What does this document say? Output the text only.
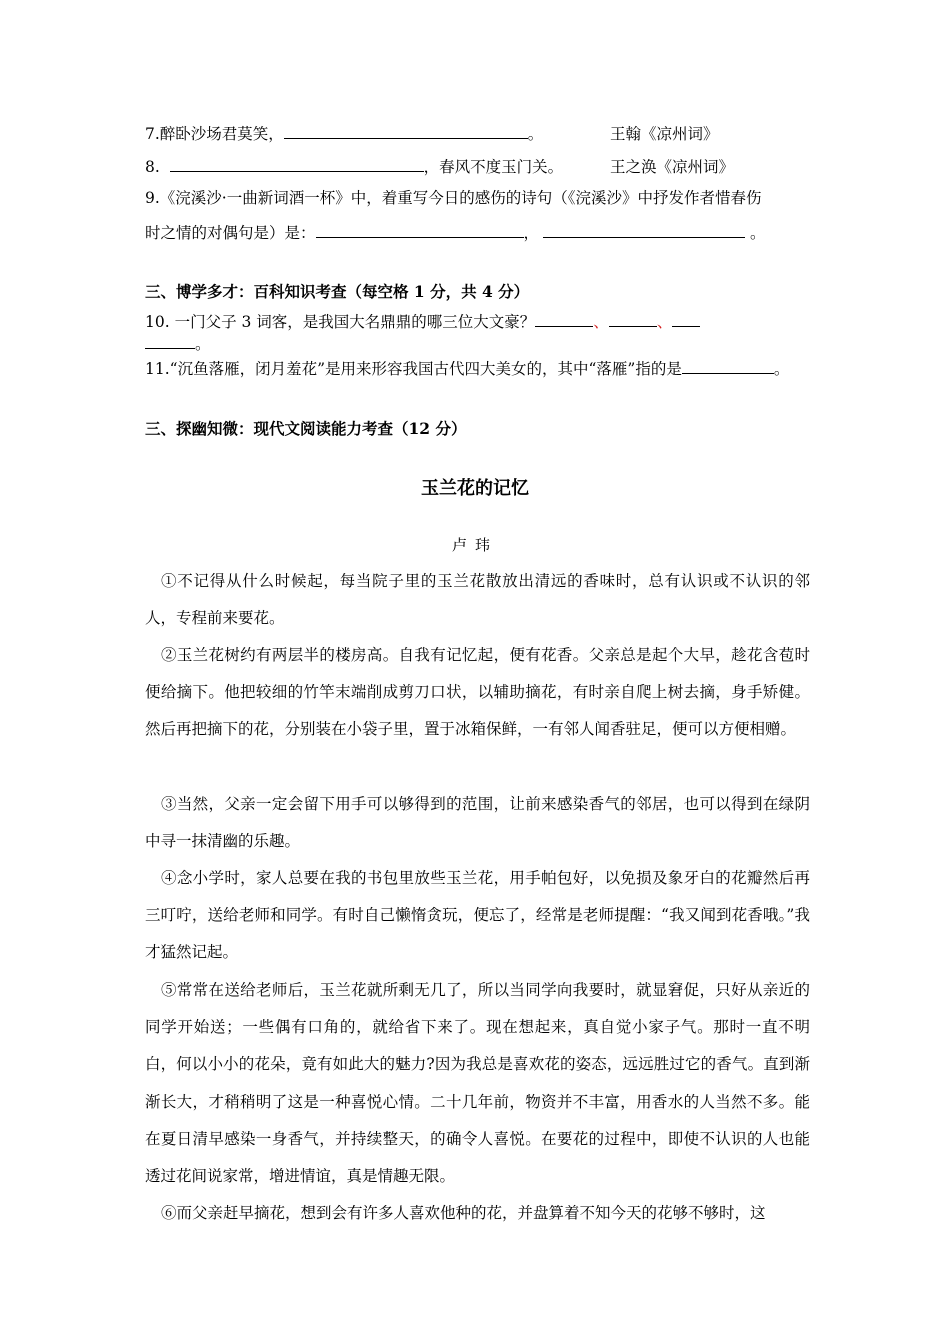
7.醉卧沙场君莫笑，	。	王翰《凉州词》
8.	，春风不度玉门关。	王之涣《凉州词》
9.《浣溪沙·一曲新词酒一杯》中，着重写今日的感伤的诗句（《浣溪沙》中抒发作者惜春伤
时之情的对偶句是）是：	，	。
三、博学多才：百科知识考查（每空格 1 分，共 4 分）
10. 一门父子 3 词客，是我国大名鼎鼎的哪三位大文豪？	、	、
。
11.“沉鱼落雁，闭月羞花”是用来形容我国古代四大美女的，其中“落雁”指的是	。
三、探幽知微：现代文阅读能力考查（12 分）
玉兰花的记忆
卢玮
①不记得从什么时候起，每当院子里的玉兰花散放出清远的香味时，总有认识或不认识的邻人，专程前来要花。
②玉兰花树约有两层半的楼房高。自我有记忆起，便有花香。父亲总是起个大早，趁花含苞时便给摘下。他把较细的竹竿末端削成剪刀口状，以辅助摘花，有时亲自爬上树去摘，身手矫健。然后再把摘下的花，分别装在小袋子里，置于冰箱保鲜，一有邻人闻香驻足，便可以方便相赠。
③当然，父亲一定会留下用手可以够得到的范围，让前来感染香气的邻居，也可以得到在绿阴中寻一抹清幽的乐趣。
④念小学时，家人总要在我的书包里放些玉兰花，用手帕包好，以免损及象牙白的花瓣然后再三叮咛，送给老师和同学。有时自己懒惰贪玩，便忘了，经常是老师提醒：“我又闻到花香哦。”我才猛然记起。
⑤常常在送给老师后，玉兰花就所剩无几了，所以当同学向我要时，就显窘促，只好从亲近的同学开始送；一些偶有口角的，就给省下来了。现在想起来，真自觉小家子气。那时一直不明白，何以小小的花朵，竟有如此大的魅力?因为我总是喜欢花的姿态，远远胜过它的香气。直到渐渐长大，才稍稍明了这是一种喜悦心情。二十几年前，物资并不丰富，用香水的人当然不多。能在夏日清早感染一身香气，并持续整天，的确令人喜悦。在要花的过程中，即使不认识的人也能透过花间说家常，增进情谊，真是情趣无限。
⑥而父亲赶早摘花，想到会有许多人喜欢他种的花，并盘算着不知今天的花够不够时，这
